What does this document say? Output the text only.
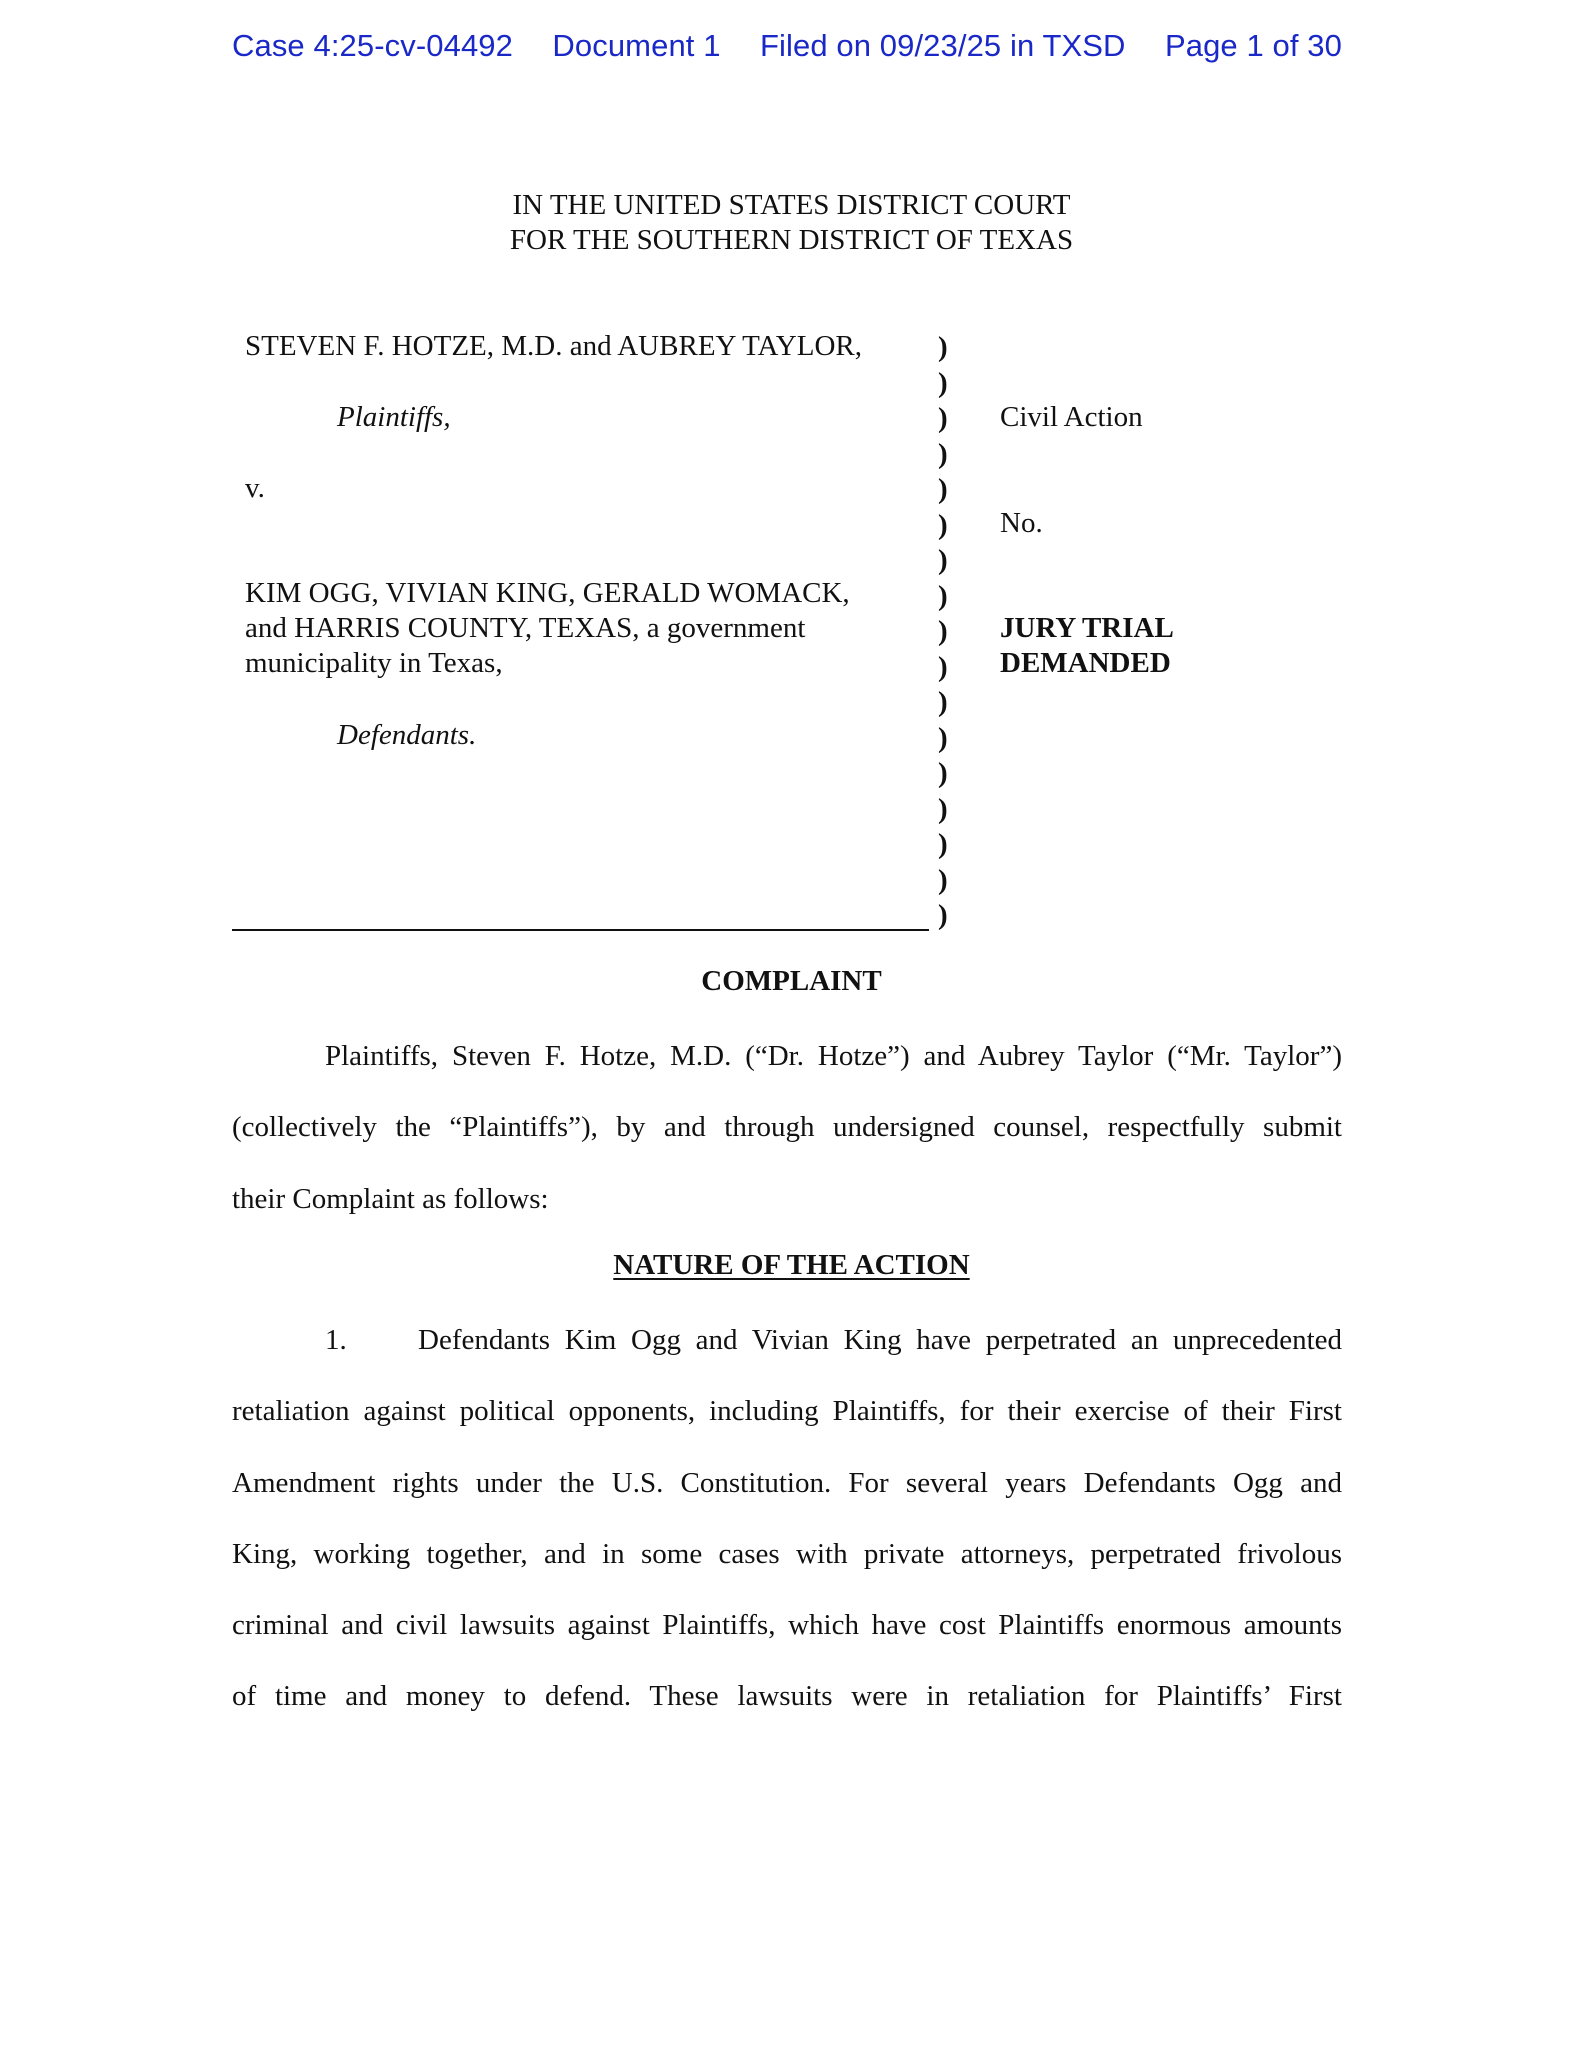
Case 4:25-cv-04492 Document 1 Filed on 09/23/25 in TXSD Page 1 of 30
IN THE UNITED STATES DISTRICT COURT
FOR THE SOUTHERN DISTRICT OF TEXAS
STEVEN F. HOTZE, M.D. and AUBREY TAYLOR,
Plaintiffs,
v.
KIM OGG, VIVIAN KING, GERALD WOMACK,
and HARRIS COUNTY, TEXAS, a government
municipality in Texas,
Defendants.
)
)
)
)
)
)
)
)
)
)
)
)
)
)
)
)
)
Civil Action
No.
JURY TRIAL
DEMANDED
COMPLAINT
Plaintiffs, Steven F. Hotze, M.D. (“Dr. Hotze”) and Aubrey Taylor (“Mr. Taylor”)
(collectively the “Plaintiffs”), by and through undersigned counsel, respectfully submit
their Complaint as follows:
NATURE OF THE ACTION
1. Defendants Kim Ogg and Vivian King have perpetrated an unprecedented
retaliation against political opponents, including Plaintiffs, for their exercise of their First
Amendment rights under the U.S. Constitution. For several years Defendants Ogg and
King, working together, and in some cases with private attorneys, perpetrated frivolous
criminal and civil lawsuits against Plaintiffs, which have cost Plaintiffs enormous amounts
of time and money to defend. These lawsuits were in retaliation for Plaintiffs’ First
